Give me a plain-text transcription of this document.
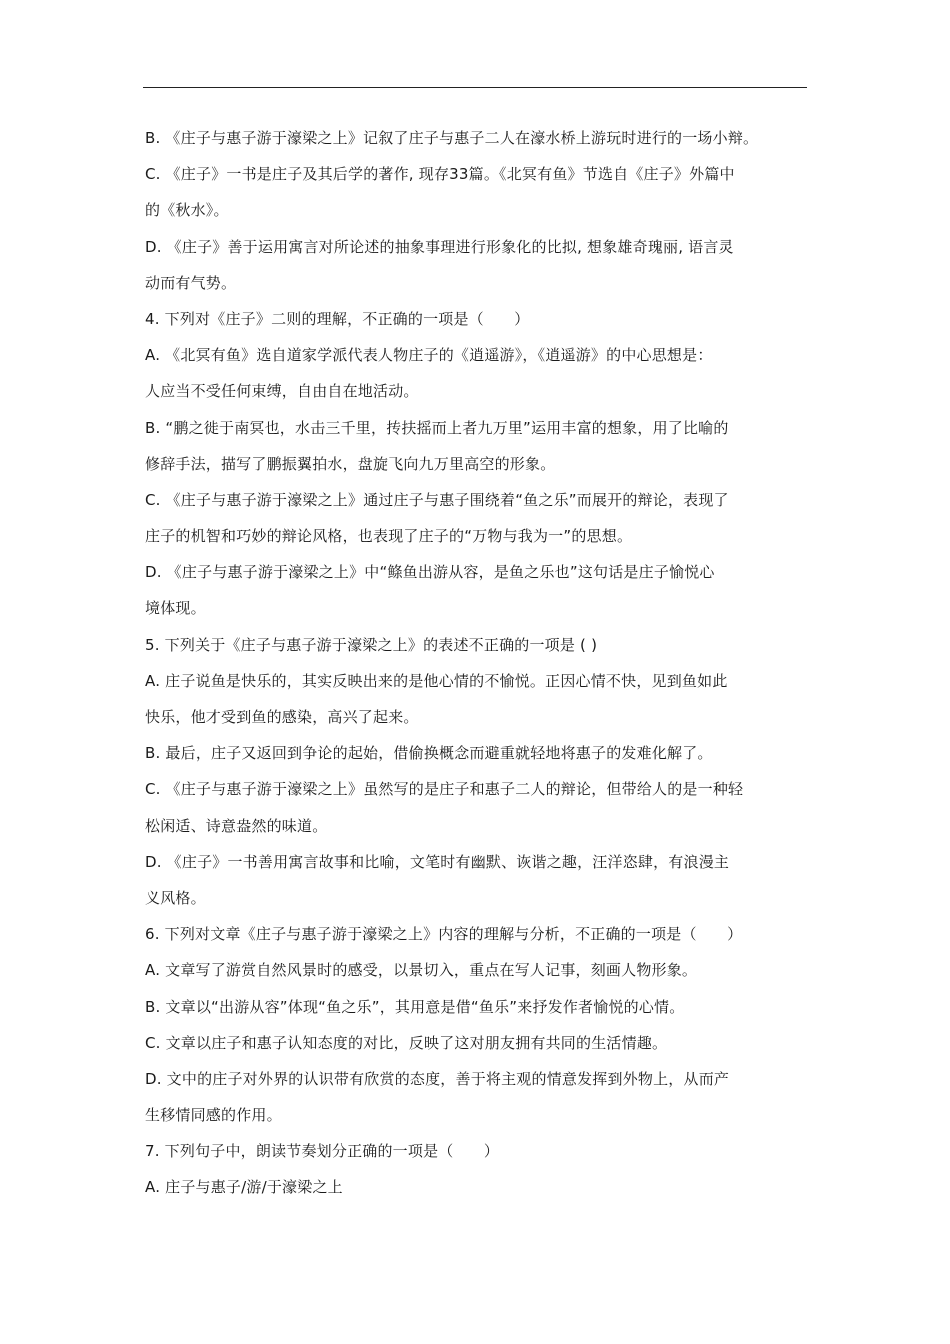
B. 《庄子与惠子游于濠梁之上》记叙了庄子与惠子二人在濠水桥上游玩时进行的一场小辩。
C. 《庄子》一书是庄子及其后学的著作, 现存33篇。《北冥有鱼》节选自《庄子》外篇中
的《秋水》。
D. 《庄子》善于运用寓言对所论述的抽象事理进行形象化的比拟, 想象雄奇瑰丽, 语言灵
动而有气势。
4. 下列对《庄子》二则的理解，不正确的一项是（　　）
A. 《北冥有鱼》选自道家学派代表人物庄子的《逍遥游》，《逍遥游》的中心思想是：
人应当不受任何束缚，自由自在地活动。
B. “鹏之徙于南冥也，水击三千里，抟扶摇而上者九万里”运用丰富的想象，用了比喻的
修辞手法，描写了鹏振翼拍水，盘旋飞向九万里高空的形象。
C. 《庄子与惠子游于濠梁之上》通过庄子与惠子围绕着“鱼之乐”而展开的辩论，表现了
庄子的机智和巧妙的辩论风格，也表现了庄子的“万物与我为一”的思想。
D. 《庄子与惠子游于濠梁之上》中“鲦鱼出游从容，是鱼之乐也”这句话是庄子愉悦心
境体现。
5. 下列关于《庄子与惠子游于濠梁之上》的表述不正确的一项是 ( )
A. 庄子说鱼是快乐的，其实反映出来的是他心情的不愉悦。正因心情不快，见到鱼如此
快乐，他才受到鱼的感染，高兴了起来。
B. 最后，庄子又返回到争论的起始，借偷换概念而避重就轻地将惠子的发难化解了。
C. 《庄子与惠子游于濠梁之上》虽然写的是庄子和惠子二人的辩论，但带给人的是一种轻
松闲适、诗意盎然的味道。
D. 《庄子》一书善用寓言故事和比喻，文笔时有幽默、诙谐之趣，汪洋恣肆，有浪漫主
义风格。
6. 下列对文章《庄子与惠子游于濠梁之上》内容的理解与分析，不正确的一项是（　　）
A. 文章写了游赏自然风景时的感受，以景切入，重点在写人记事，刻画人物形象。
B. 文章以“出游从容”体现“鱼之乐”，其用意是借“鱼乐”来抒发作者愉悦的心情。
C. 文章以庄子和惠子认知态度的对比，反映了这对朋友拥有共同的生活情趣。
D. 文中的庄子对外界的认识带有欣赏的态度，善于将主观的情意发挥到外物上，从而产
生移情同感的作用。
7. 下列句子中，朗读节奏划分正确的一项是（　　）
A. 庄子与惠子/游/于濠梁之上
